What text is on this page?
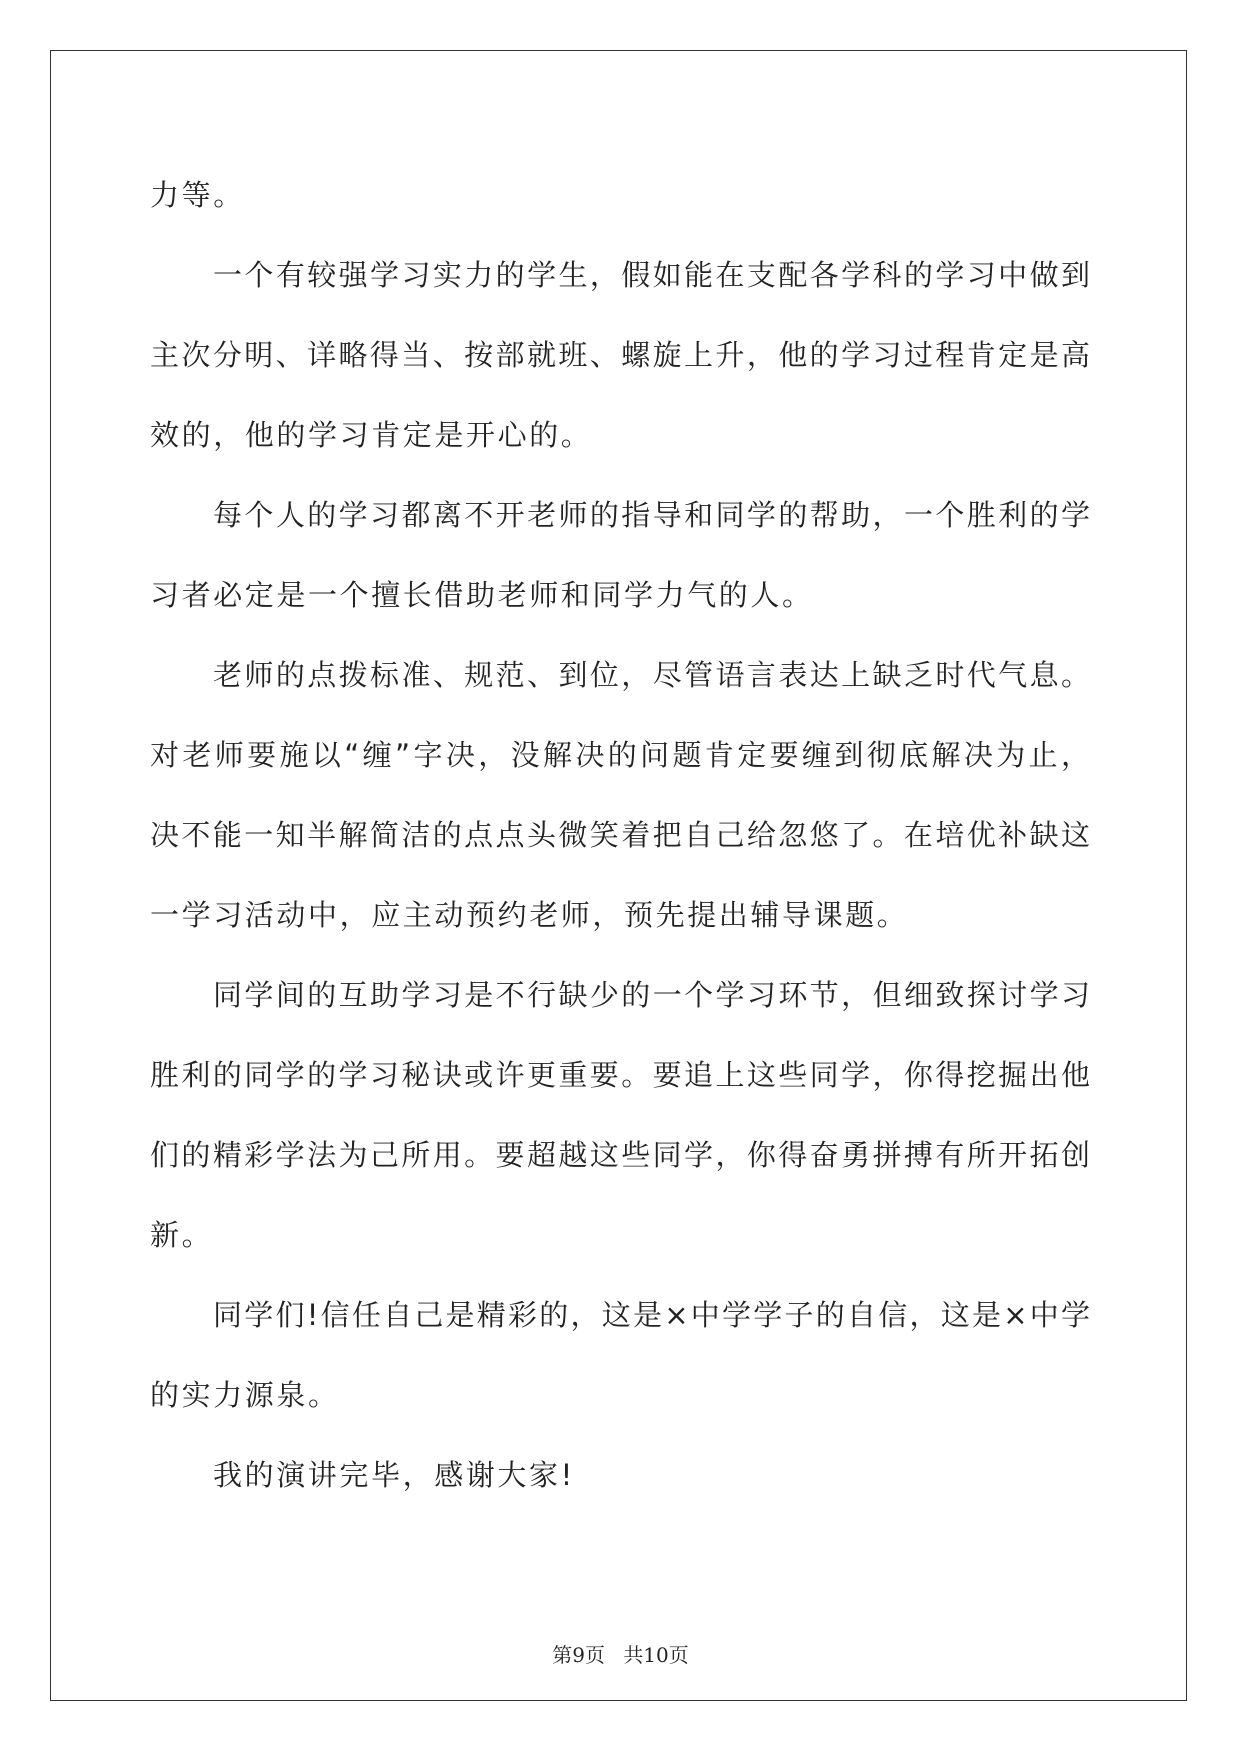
力等。
一个有较强学习实力的学生，假如能在支配各学科的学习中做到
主次分明、详略得当、按部就班、螺旋上升，他的学习过程肯定是高
效的，他的学习肯定是开心的。
每个人的学习都离不开老师的指导和同学的帮助，一个胜利的学
习者必定是一个擅长借助老师和同学力气的人。
老师的点拨标准、规范、到位，尽管语言表达上缺乏时代气息。
对老师要施以“缠”字决，没解决的问题肯定要缠到彻底解决为止，
决不能一知半解简洁的点点头微笑着把自己给忽悠了。在培优补缺这
一学习活动中，应主动预约老师，预先提出辅导课题。
同学间的互助学习是不行缺少的一个学习环节，但细致探讨学习
胜利的同学的学习秘诀或许更重要。要追上这些同学，你得挖掘出他
们的精彩学法为己所用。要超越这些同学，你得奋勇拼搏有所开拓创
新。
同学们!信任自己是精彩的，这是×中学学子的自信，这是×中学
的实力源泉。
我的演讲完毕，感谢大家!
第9页 共10页
